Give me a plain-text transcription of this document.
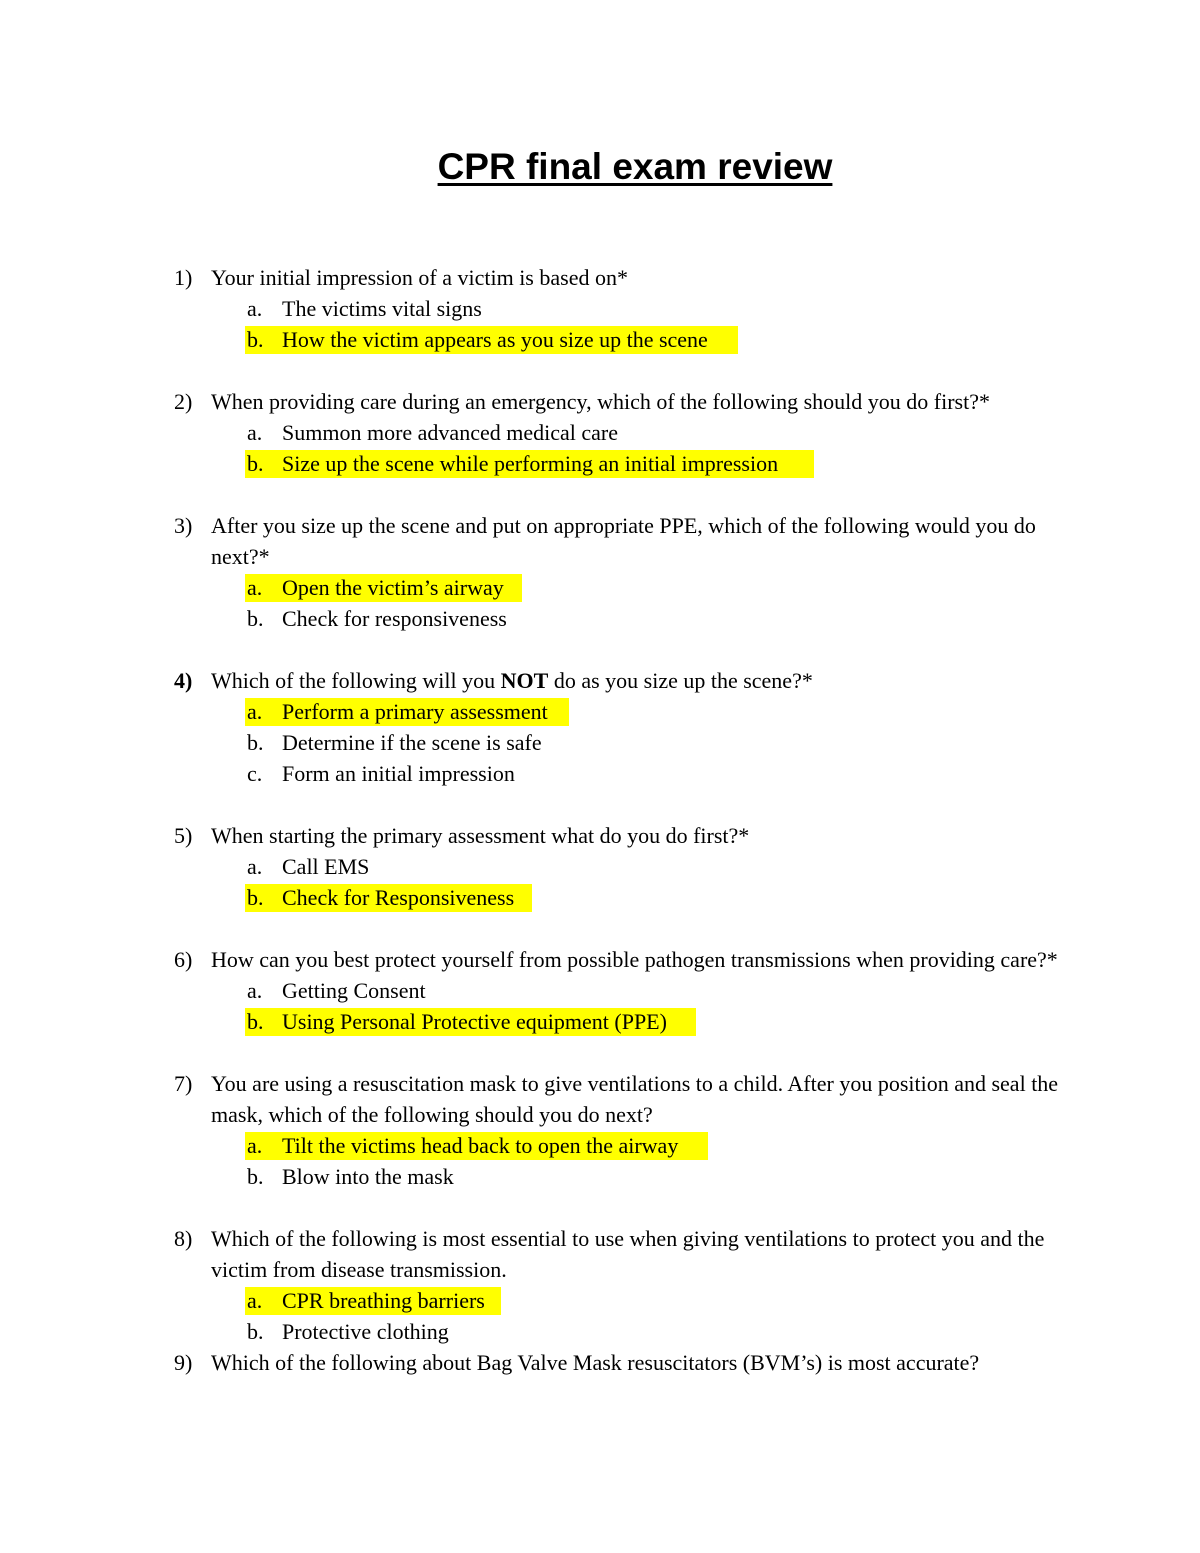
CPR final exam review
1) Your initial impression of a victim is based on*
a. The victims vital signs
b. How the victim appears as you size up the scene
2) When providing care during an emergency, which of the following should you do first?*
a. Summon more advanced medical care
b. Size up the scene while performing an initial impression
3) After you size up the scene and put on appropriate PPE, which of the following would you do next?*
a. Open the victim’s airway
b. Check for responsiveness
4) Which of the following will you NOT do as you size up the scene?*
a. Perform a primary assessment
b. Determine if the scene is safe
c. Form an initial impression
5) When starting the primary assessment what do you do first?*
a. Call EMS
b. Check for Responsiveness
6) How can you best protect yourself from possible pathogen transmissions when providing care?*
a. Getting Consent
b. Using Personal Protective equipment (PPE)
7) You are using a resuscitation mask to give ventilations to a child. After you position and seal the mask, which of the following should you do next?
a. Tilt the victims head back to open the airway
b. Blow into the mask
8) Which of the following is most essential to use when giving ventilations to protect you and the victim from disease transmission.
a. CPR breathing barriers
b. Protective clothing
9) Which of the following about Bag Valve Mask resuscitators (BVM’s) is most accurate?
